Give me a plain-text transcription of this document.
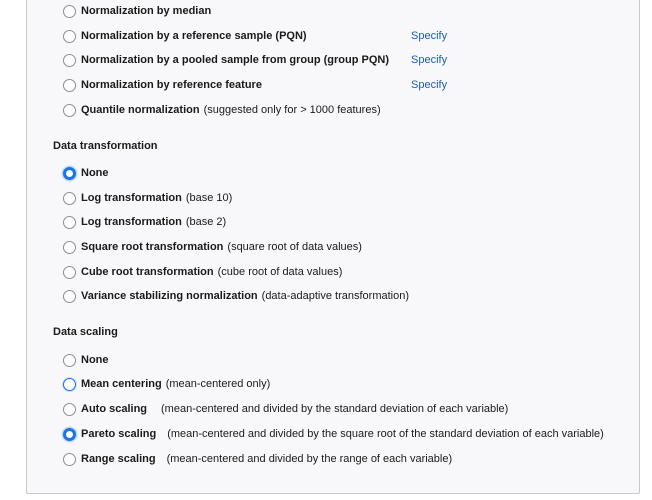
Normalization by median
Normalization by a reference sample (PQN)	Specify
Normalization by a pooled sample from group (group PQN) Specify
Normalization by reference feature	Specify
Quantile normalization (suggested only for > 1000 features)
Data transformation
None
Log transformation (base 10)
Log transformation (base 2)
Square root transformation (square root of data values)
Cube root transformation (cube root of data values)
Variance stabilizing normalization (data-adaptive transformation)
Data scaling
None
Mean centering (mean-centered only)
Auto scaling (mean-centered and divided by the standard deviation of each variable)
Pareto scaling (mean-centered and divided by the square root of the standard deviation of each variable)
Range scaling (mean-centered and divided by the range of each variable)
